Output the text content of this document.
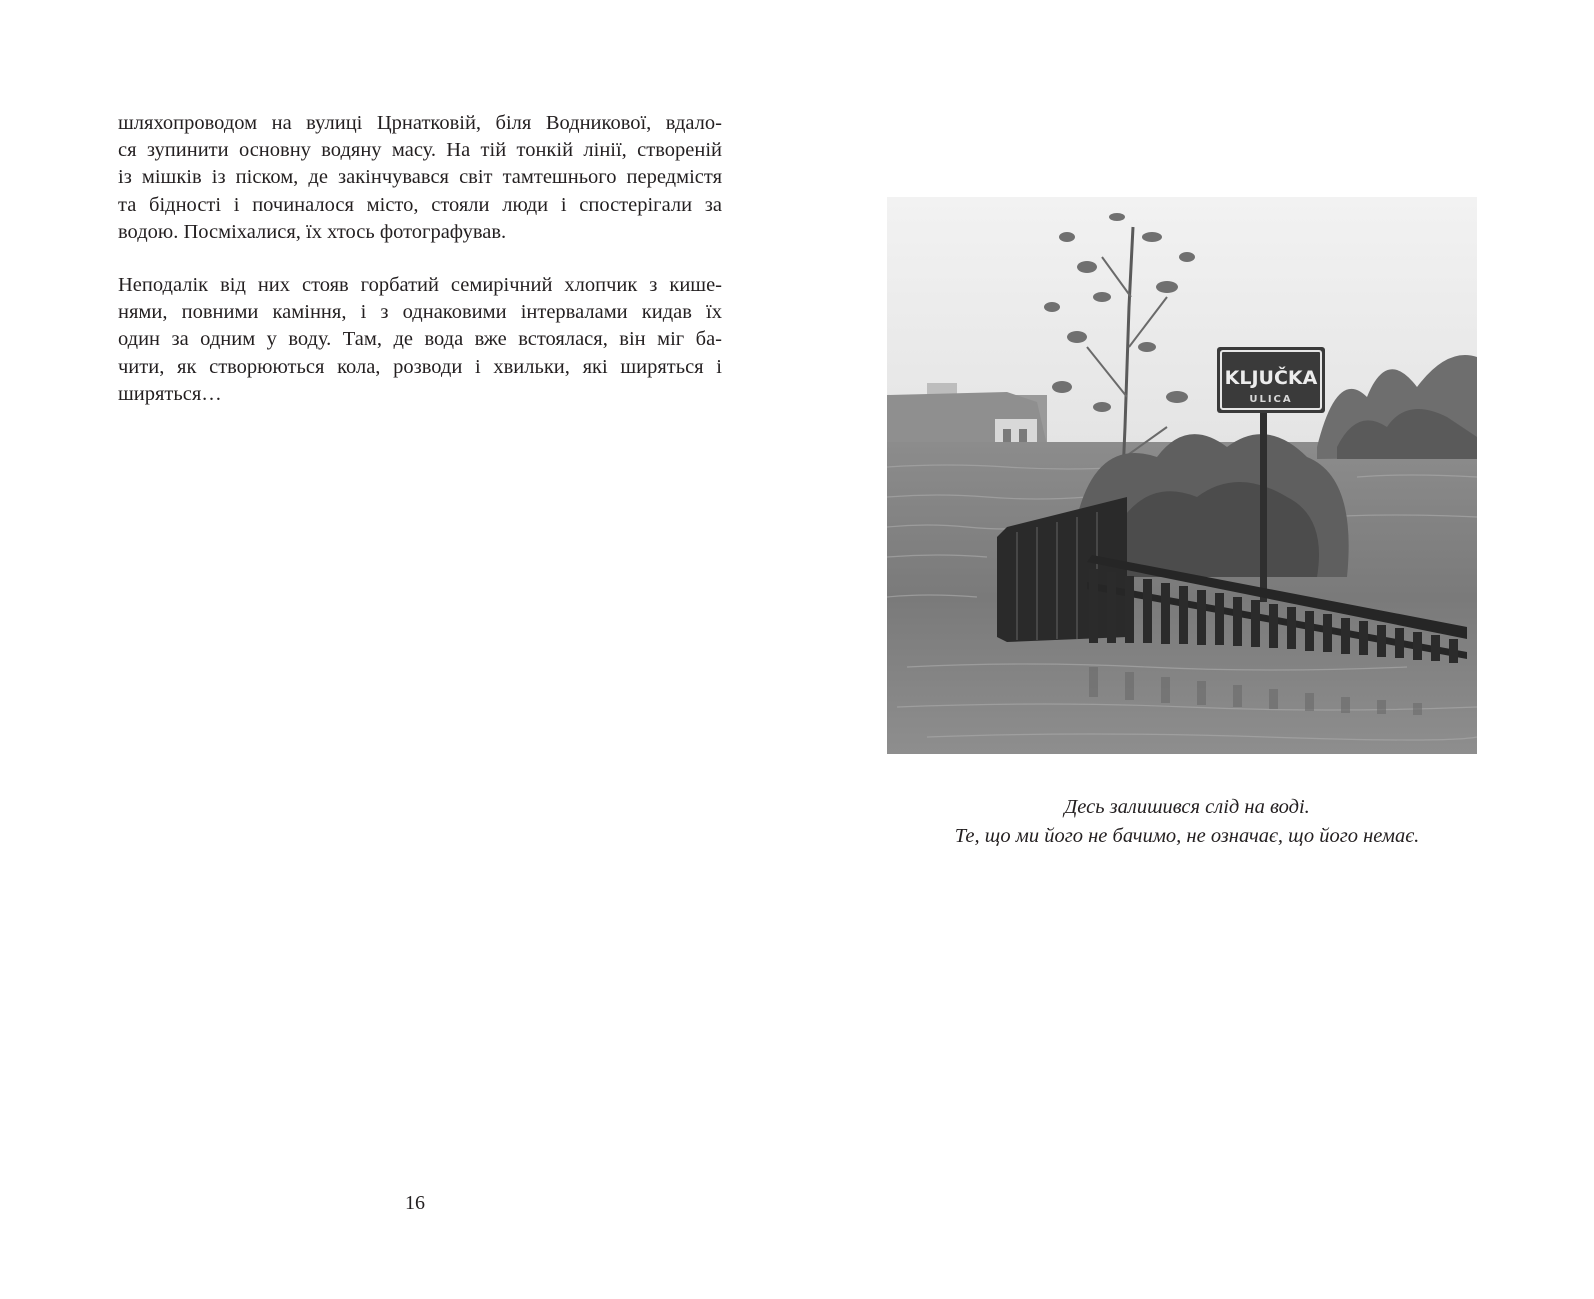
шляхопроводом на вулиці Црнатковій, біля Водникової, вдало-
ся зупинити основну водяну масу. На тій тонкій лінії, створеній
із мішків із піском, де закінчувався світ тамтешнього передмістя
та бідності і починалося місто, стояли люди і спостерігали за
водою. Посміхалися, їх хтось фотографував.

Неподалік від них стояв горбатий семирічний хлопчик з кише-
нями, повними каміння, і з однаковими інтервалами кидав їх
один за одним у воду. Там, де вода вже встоялася, він міг ба-
чити, як створюються кола, розводи і хвильки, які ширяться і
ширяться…

16
KLJUČKA
ULICA
Десь залишився слід на воді.
Те, що ми його не бачимо, не означає, що його немає.
